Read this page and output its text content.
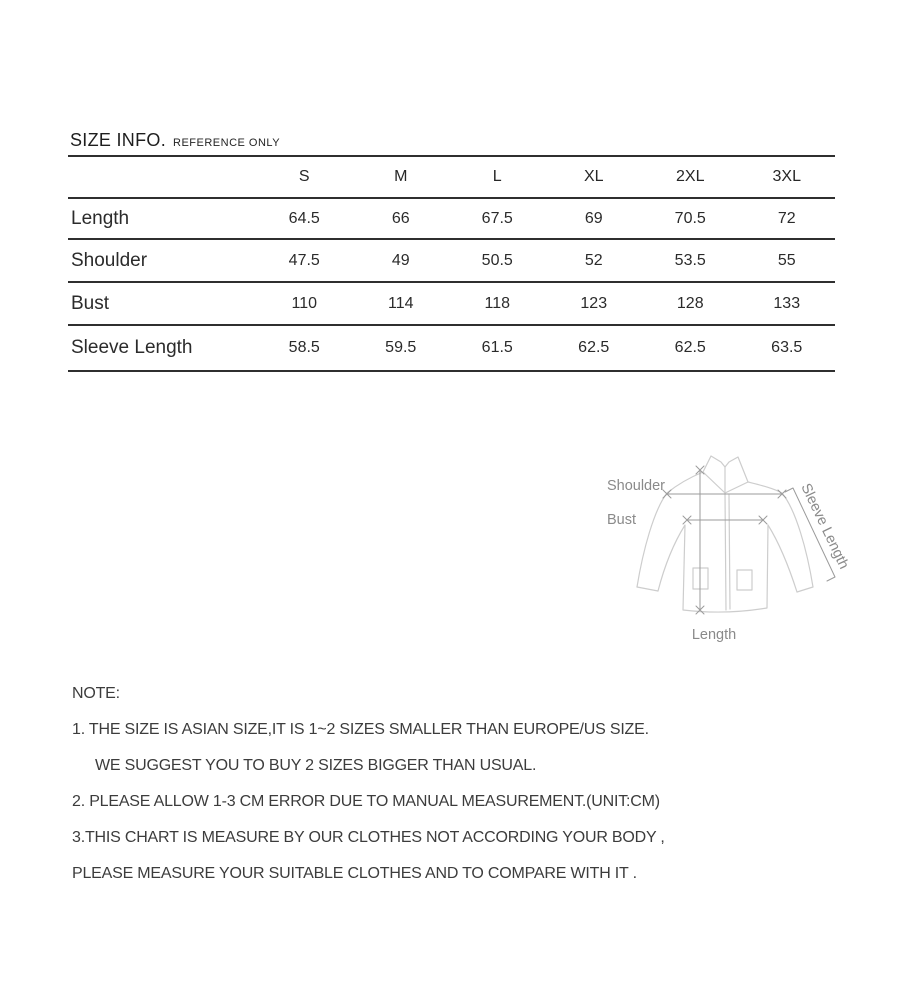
SIZE INFO. REFERENCE ONLY
	S	M	L	XL	2XL	3XL
Length	64.5	66	67.5	69	70.5	72
Shoulder	47.5	49	50.5	52	53.5	55
Bust	110	114	118	123	128	133
Sleeve Length	58.5	59.5	61.5	62.5	62.5	63.5
Shoulder
Bust	Sleeve Length
Length
NOTE:
1. THE SIZE IS ASIAN SIZE,IT IS 1~2 SIZES SMALLER THAN EUROPE/US SIZE.
WE SUGGEST YOU TO BUY 2 SIZES BIGGER THAN USUAL.
2. PLEASE ALLOW 1-3 CM ERROR DUE TO MANUAL MEASUREMENT.(UNIT:CM)
3.THIS CHART IS MEASURE BY OUR CLOTHES NOT ACCORDING YOUR BODY ,
PLEASE MEASURE YOUR SUITABLE CLOTHES AND TO COMPARE WITH IT .
